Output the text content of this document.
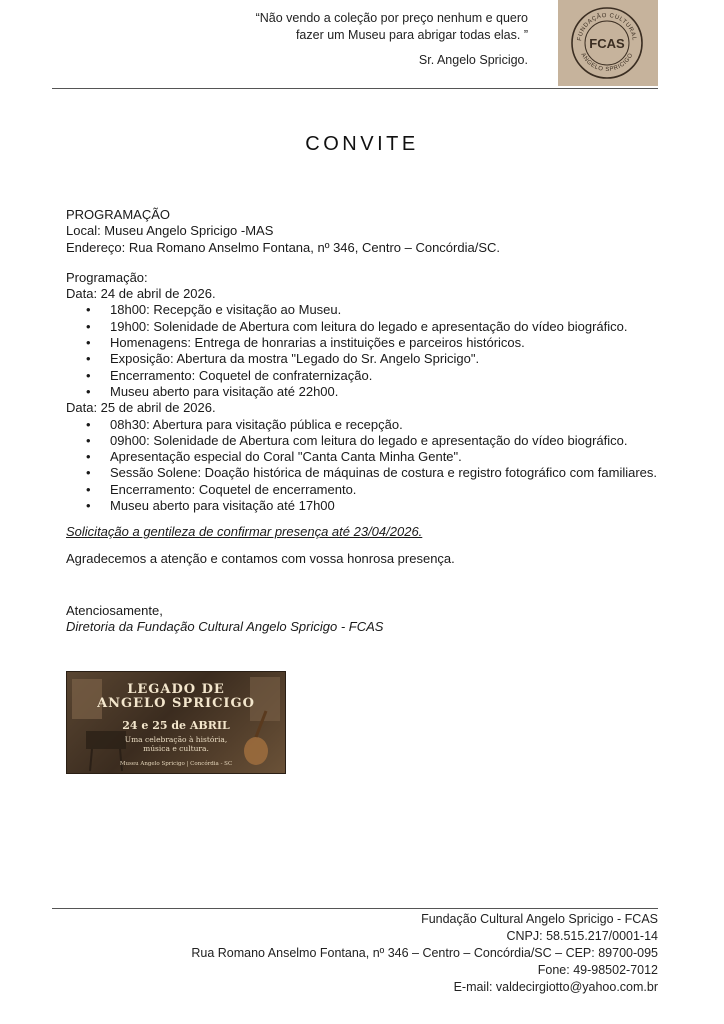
“Não vendo a coleção por preço nenhum e quero
fazer um Museu para abrigar todas elas. ”
Sr. Angelo Spricigo.
FUNDAÇÃO CULTURAL
ANGELO SPRICIGO
FCAS
CONVITE

PROGRAMAÇÃO

Local: Museu Angelo Spricigo -MAS

Endereço: Rua Romano Anselmo Fontana, nº 346, Centro – Concórdia/SC.

Programação:

Data: 24 de abril de 2026.

• 18h00: Recepção e visitação ao Museu.
• 19h00: Solenidade de Abertura com leitura do legado e apresentação do vídeo biográfico.
• Homenagens: Entrega de honrarias a instituições e parceiros históricos.
• Exposição: Abertura da mostra "Legado do Sr. Angelo Spricigo".
• Encerramento: Coquetel de confraternização.
• Museu aberto para visitação até 22h00.

Data: 25 de abril de 2026.

• 08h30: Abertura para visitação pública e recepção.
• 09h00: Solenidade de Abertura com leitura do legado e apresentação do vídeo biográfico.
• Apresentação especial do Coral "Canta Canta Minha Gente".
• Sessão Solene: Doação histórica de máquinas de costura e registro fotográfico com familiares.
• Encerramento: Coquetel de encerramento.
• Museu aberto para visitação até 17h00

Solicitação a gentileza de confirmar presença até 23/04/2026.

Agradecemos a atenção e contamos com vossa honrosa presença.

Atenciosamente,

Diretoria da Fundação Cultural Angelo Spricigo - FCAS

LEGADO DE
ANGELO SPRICIGO
24 e 25 de ABRIL
Uma celebração à história,
música e cultura.
Museu Angelo Spricigo | Concórdia - SC
Fundação Cultural Angelo Spricigo - FCAS
CNPJ: 58.515.217/0001-14
Rua Romano Anselmo Fontana, nº 346 – Centro – Concórdia/SC – CEP: 89700-095
Fone: 49-98502-7012
E-mail: valdecirgiotto@yahoo.com.br
